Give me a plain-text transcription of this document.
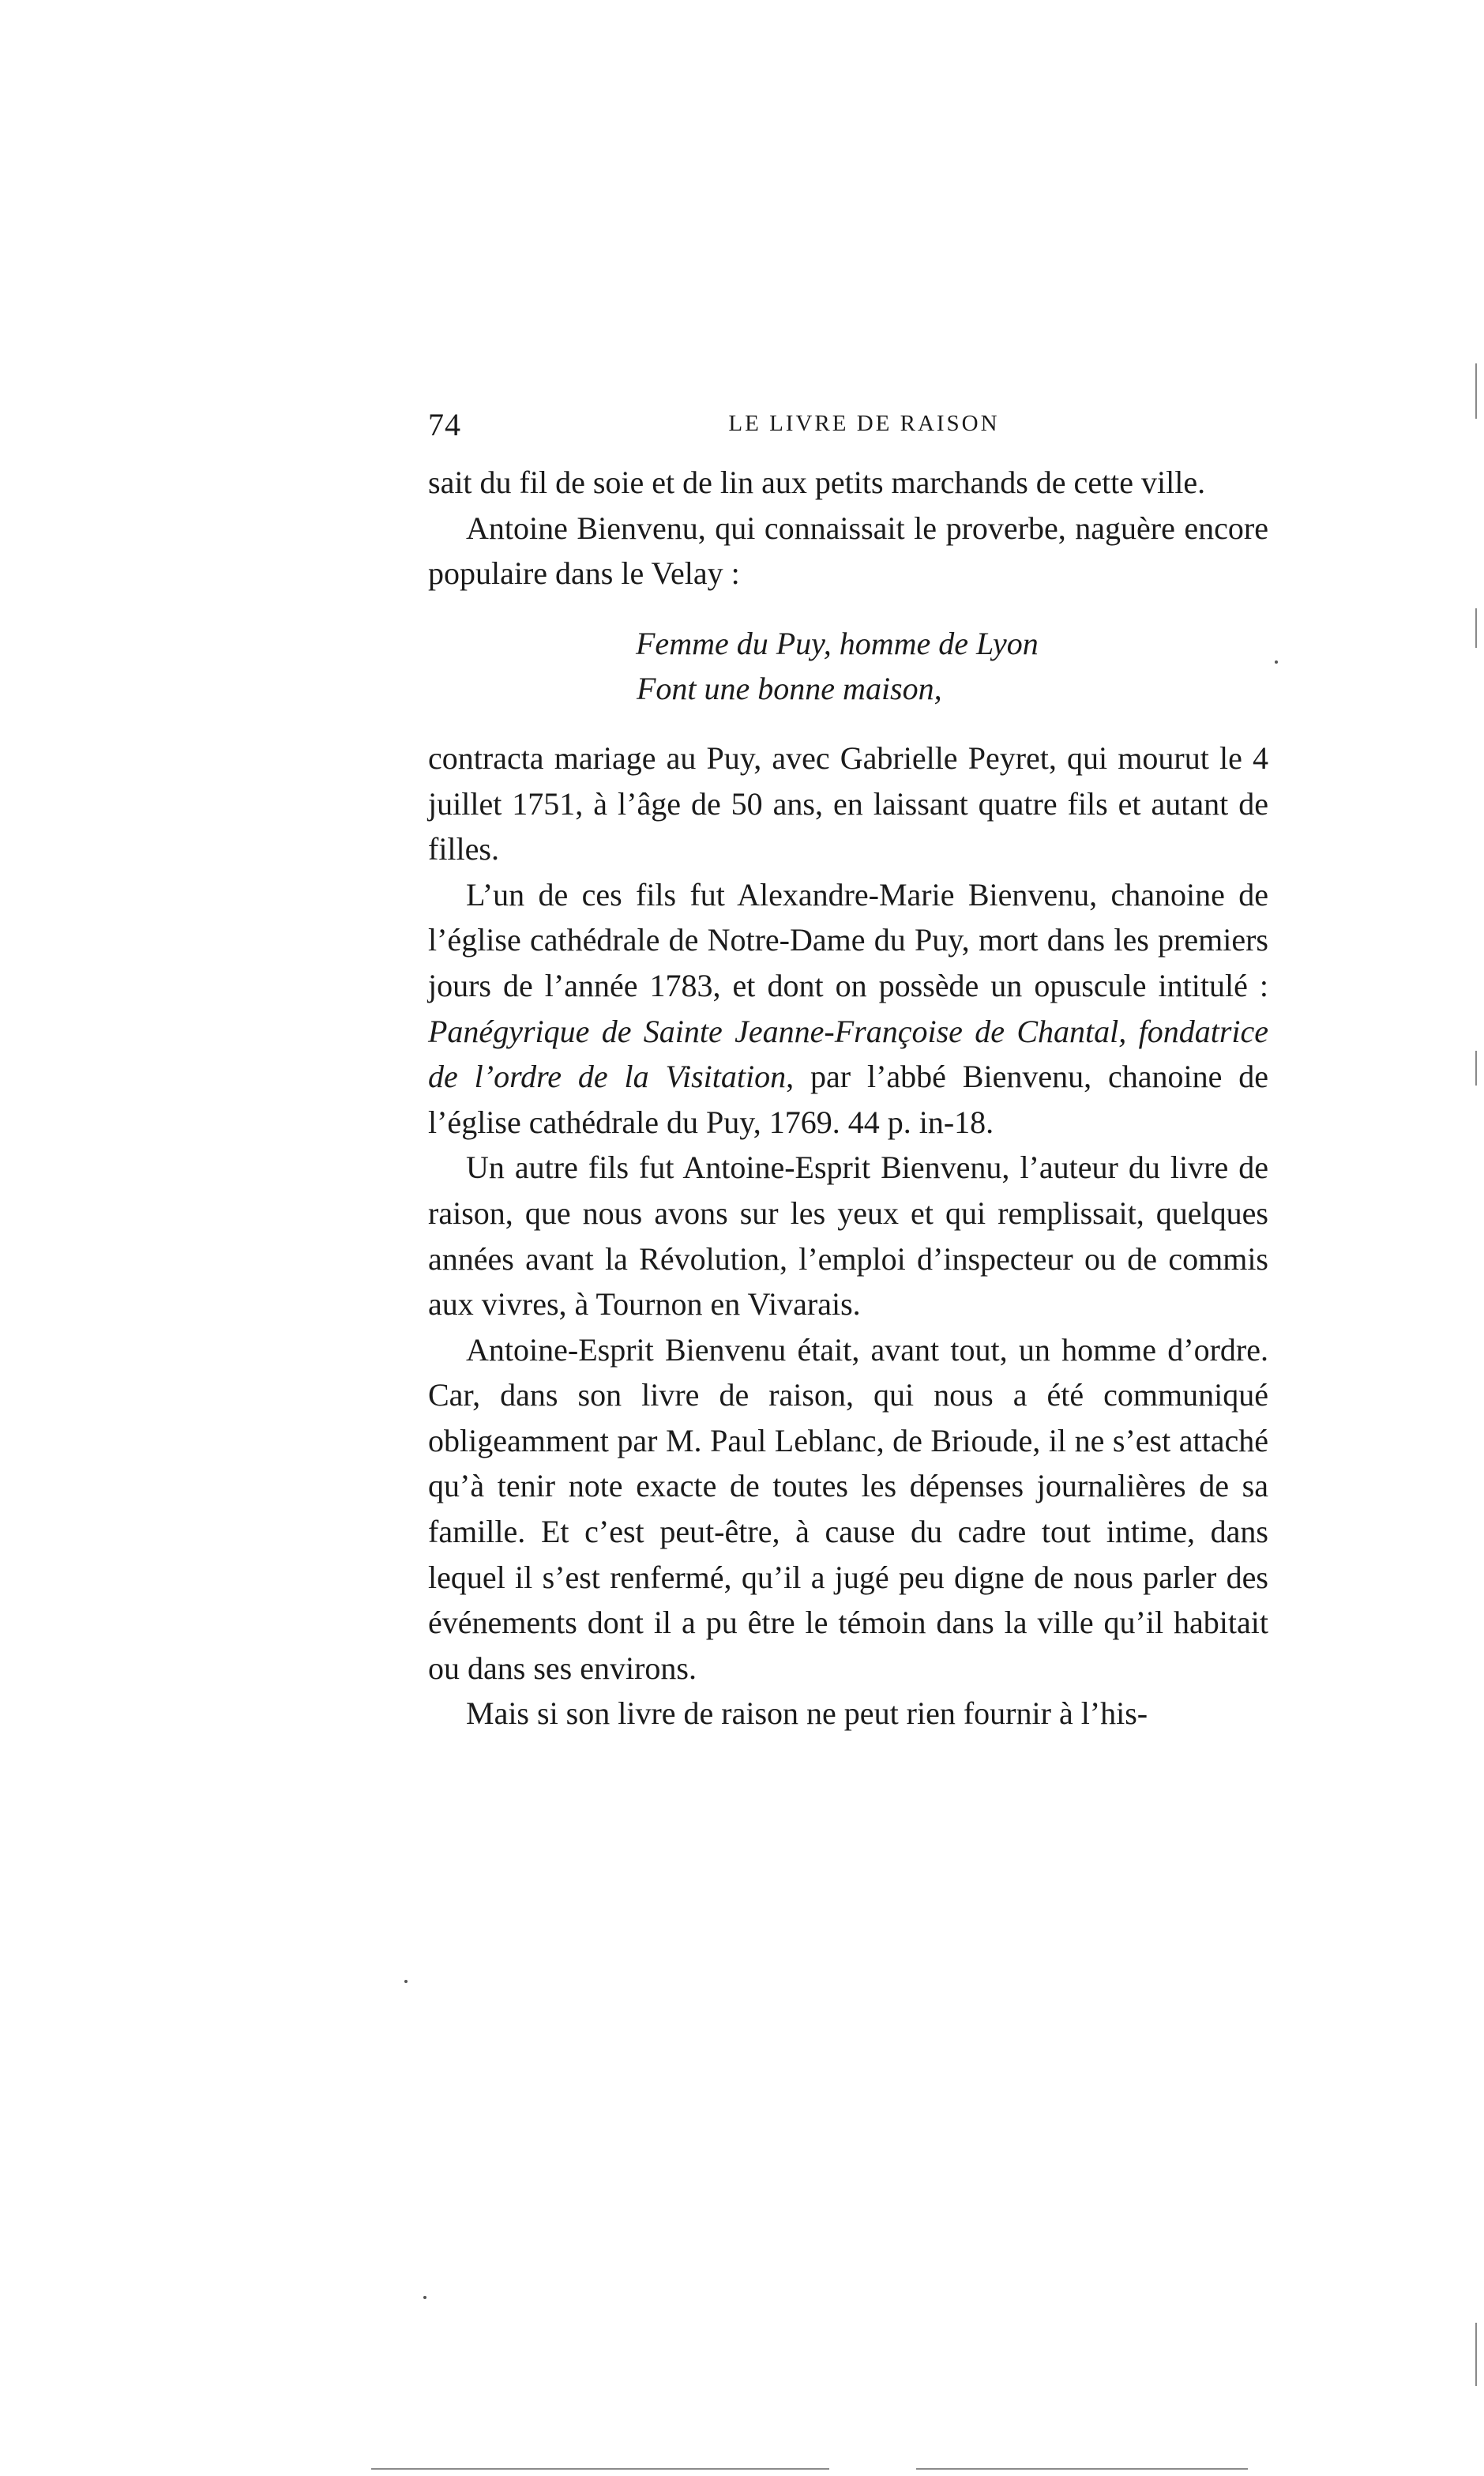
74	LE LIVRE DE RAISON

sait du fil de soie et de lin aux petits marchands de cette ville.

Antoine Bienvenu, qui connaissait le proverbe, naguère encore populaire dans le Velay :

Femme du Puy, homme de Lyon
Font une bonne maison,

contracta mariage au Puy, avec Gabrielle Peyret, qui mourut le 4 juillet 1751, à l’âge de 50 ans, en laissant quatre fils et autant de filles.

L’un de ces fils fut Alexandre-Marie Bienvenu, chanoine de l’église cathédrale de Notre-Dame du Puy, mort dans les premiers jours de l’année 1783, et dont on possède un opuscule intitulé : Panégyrique de Sainte Jeanne-Françoise de Chantal, fondatrice de l’ordre de la Visitation, par l’abbé Bienvenu, chanoine de l’église cathédrale du Puy, 1769. 44 p. in-18.

Un autre fils fut Antoine-Esprit Bienvenu, l’auteur du livre de raison, que nous avons sur les yeux et qui remplissait, quelques années avant la Révolution, l’emploi d’inspecteur ou de commis aux vivres, à Tournon en Vivarais.

Antoine-Esprit Bienvenu était, avant tout, un homme d’ordre. Car, dans son livre de raison, qui nous a été communiqué obligeamment par M. Paul Leblanc, de Brioude, il ne s’est attaché qu’à tenir note exacte de toutes les dépenses journalières de sa famille. Et c’est peut-être, à cause du cadre tout intime, dans lequel il s’est renfermé, qu’il a jugé peu digne de nous parler des événements dont il a pu être le témoin dans la ville qu’il habitait ou dans ses environs.

Mais si son livre de raison ne peut rien fournir à l’his-
